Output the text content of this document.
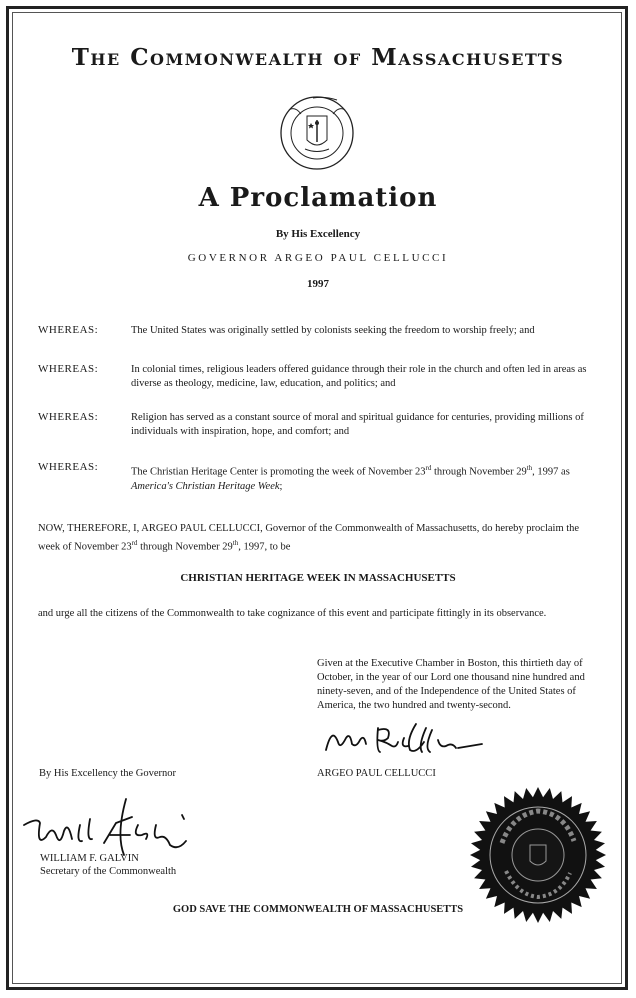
The Commonwealth of Massachusetts
A Proclamation
By His Excellency
GOVERNOR ARGEO PAUL CELLUCCI
1997
WHEREAS:	The United States was originally settled by colonists seeking the freedom to worship freely; and
WHEREAS:	In colonial times, religious leaders offered guidance through their role in the church and often led in areas as diverse as theology, medicine, law, education, and politics; and
WHEREAS:	Religion has served as a constant source of moral and spiritual guidance for centuries, providing millions of individuals with inspiration, hope, and comfort; and
WHEREAS:	The Christian Heritage Center is promoting the week of November 23rd through November 29th, 1997 as America's Christian Heritage Week;
NOW, THEREFORE, I, ARGEO PAUL CELLUCCI, Governor of the Commonwealth of Massachusetts, do hereby proclaim the week of November 23rd through November 29th, 1997, to be
CHRISTIAN HERITAGE WEEK IN MASSACHUSETTS
and urge all the citizens of the Commonwealth to take cognizance of this event and participate fittingly in its observance.
Given at the Executive Chamber in Boston, this thirtieth day of October, in the year of our Lord one thousand nine hundred and ninety-seven, and of the Independence of the United States of America, the two hundred and twenty-second.
By His Excellency the Governor	ARGEO PAUL CELLUCCI
WILLIAM F. GALVIN
Secretary of the Commonwealth
GOD SAVE THE COMMONWEALTH OF MASSACHUSETTS
